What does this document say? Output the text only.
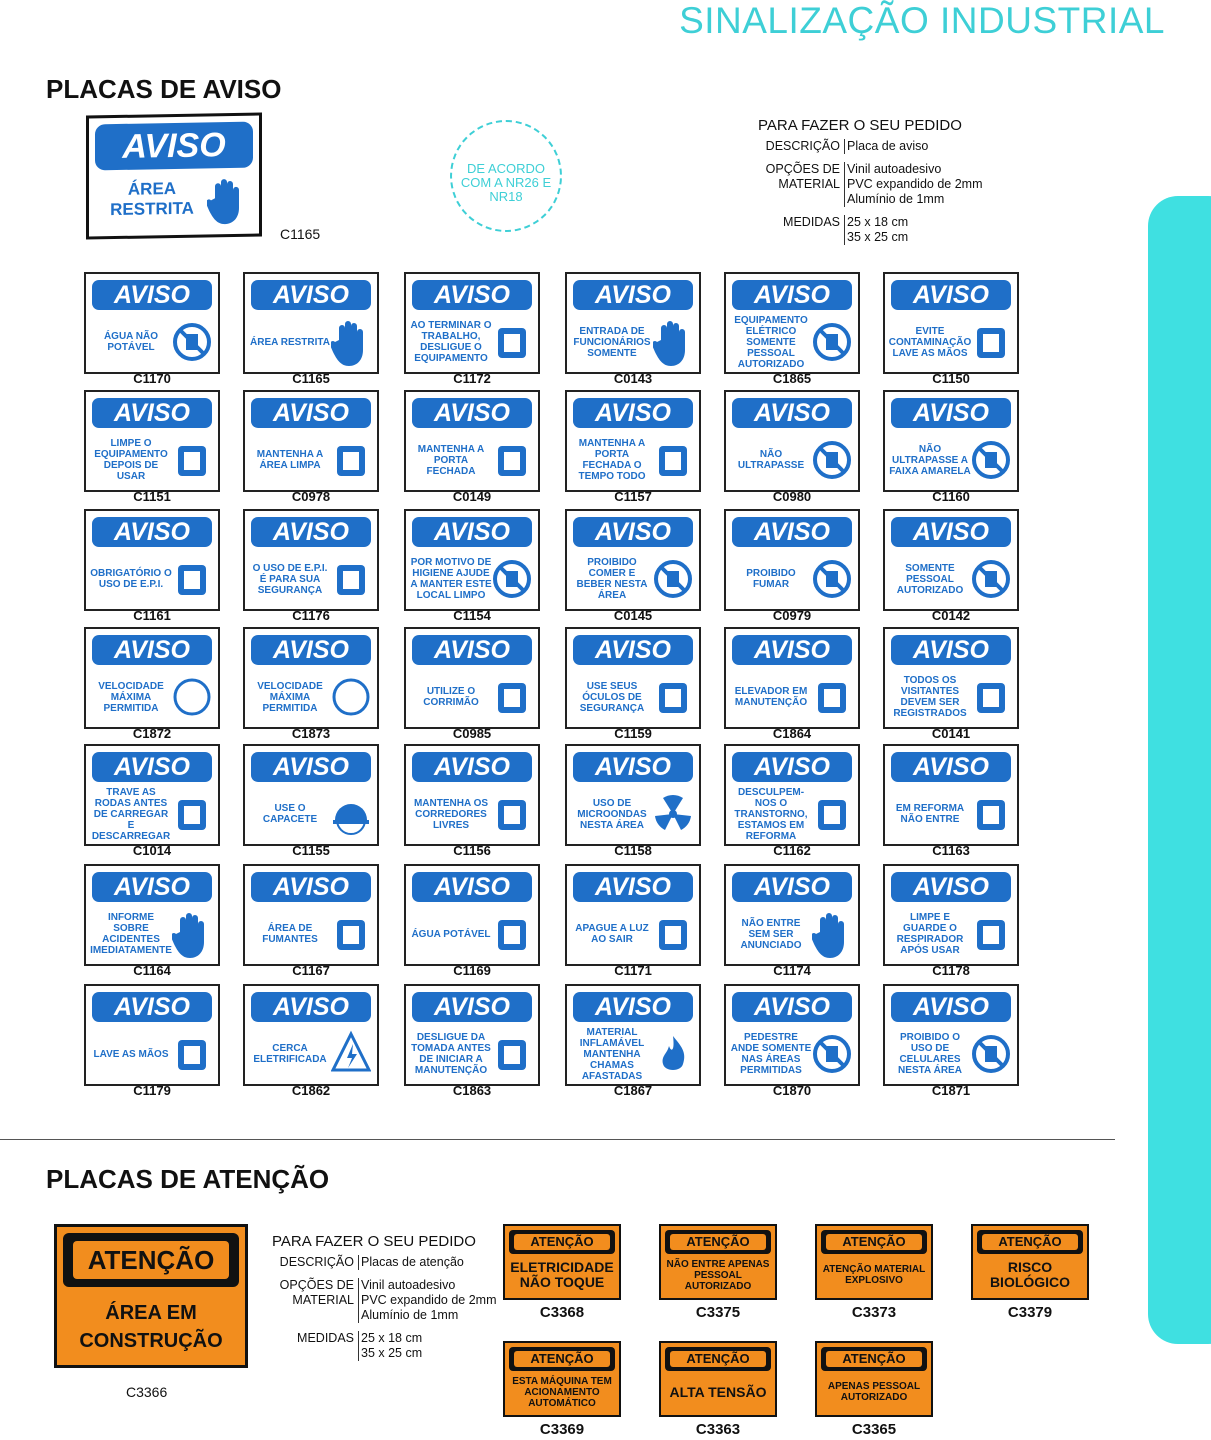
SINALIZAÇÃO INDUSTRIAL
PLACAS DE AVISO
AVISO
ÁREA RESTRITA
C1165
DE ACORDO COM A NR26 E NR18
PARA FAZER O SEU PEDIDO
DESCRIÇÃO Placa de aviso
OPÇÕES DE Vinil autoadesivo
MATERIAL PVC expandido de 2mm
Alumínio de 1mm
MEDIDAS 25 x 18 cm
35 x 25 cm
AVISO
ÁGUA NÃO POTÁVEL
C1170
AVISO
ÁREA RESTRITA
C1165
AVISO
AO TERMINAR O TRABALHO, DESLIGUE O EQUIPAMENTO
C1172
AVISO
ENTRADA DE FUNCIONÁRIOS SOMENTE
C0143
AVISO
EQUIPAMENTO ELÉTRICO SOMENTE PESSOAL AUTORIZADO
C1865
AVISO
EVITE CONTAMINAÇÃO LAVE AS MÃOS
C1150
AVISO
LIMPE O EQUIPAMENTO DEPOIS DE USAR
C1151
AVISO
MANTENHA A ÁREA LIMPA
C0978
AVISO
MANTENHA A PORTA FECHADA
C0149
AVISO
MANTENHA A PORTA FECHADA O TEMPO TODO
C1157
AVISO
NÃO ULTRAPASSE
C0980
AVISO
NÃO ULTRAPASSE A FAIXA AMARELA
C1160
AVISO
OBRIGATÓRIO O USO DE E.P.I.
C1161
AVISO
O USO DE E.P.I. É PARA SUA SEGURANÇA
C1176
AVISO
POR MOTIVO DE HIGIENE AJUDE A MANTER ESTE LOCAL LIMPO
C1154
AVISO
PROIBIDO COMER E BEBER NESTA ÁREA
C0145
AVISO
PROIBIDO FUMAR
C0979
AVISO
SOMENTE PESSOAL AUTORIZADO
C0142
AVISO
VELOCIDADE MÁXIMA PERMITIDA
C1872
AVISO
VELOCIDADE MÁXIMA PERMITIDA
C1873
AVISO
UTILIZE O CORRIMÃO
C0985
AVISO
USE SEUS ÓCULOS DE SEGURANÇA
C1159
AVISO
ELEVADOR EM MANUTENÇÃO
C1864
AVISO
TODOS OS VISITANTES DEVEM SER REGISTRADOS
C0141
AVISO
TRAVE AS RODAS ANTES DE CARREGAR E DESCARREGAR
C1014
AVISO
USE O CAPACETE
C1155
AVISO
MANTENHA OS CORREDORES LIVRES
C1156
AVISO
USO DE MICROONDAS NESTA ÁREA
C1158
AVISO
DESCULPEM-NOS O TRANSTORNO, ESTAMOS EM REFORMA
C1162
AVISO
EM REFORMA NÃO ENTRE
C1163
AVISO
INFORME SOBRE ACIDENTES IMEDIATAMENTE
C1164
AVISO
ÁREA DE FUMANTES
C1167
AVISO
ÁGUA POTÁVEL
C1169
AVISO
APAGUE A LUZ AO SAIR
C1171
AVISO
NÃO ENTRE SEM SER ANUNCIADO
C1174
AVISO
LIMPE E GUARDE O RESPIRADOR APÓS USAR
C1178
AVISO
LAVE AS MÃOS
C1179
AVISO
CERCA ELETRIFICADA
C1862
AVISO
DESLIGUE DA TOMADA ANTES DE INICIAR A MANUTENÇÃO
C1863
AVISO
MATERIAL INFLAMÁVEL MANTENHA CHAMAS AFASTADAS
C1867
AVISO
PEDESTRE ANDE SOMENTE NAS ÁREAS PERMITIDAS
C1870
AVISO
PROIBIDO O USO DE CELULARES NESTA ÁREA
C1871
PLACAS DE ATENÇÃO
ATENÇÃO
ÁREA EM CONSTRUÇÃO
C3366
PARA FAZER O SEU PEDIDO
DESCRIÇÃO Placas de atenção
OPÇÕES DE Vinil autoadesivo
MATERIAL PVC expandido de 2mm
Alumínio de 1mm
MEDIDAS 25 x 18 cm
35 x 25 cm
ATENÇÃO
ELETRICIDADE NÃO TOQUE
C3368
ATENÇÃO
NÃO ENTRE APENAS PESSOAL AUTORIZADO
C3375
ATENÇÃO
ATENÇÃO MATERIAL EXPLOSIVO
C3373
ATENÇÃO
RISCO BIOLÓGICO
C3379
ATENÇÃO
ESTA MÁQUINA TEM ACIONAMENTO AUTOMÁTICO
C3369
ATENÇÃO
ALTA TENSÃO
C3363
ATENÇÃO
APENAS PESSOAL AUTORIZADO
C3365
